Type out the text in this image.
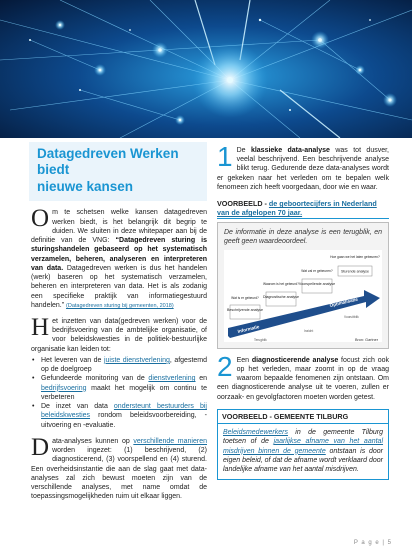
Datagedreven Werken biedt
nieuwe kansen

Om te schetsen welke kansen datagedreven werken biedt, is het belangrijk dit begrip te duiden. We sluiten in deze whitepaper aan bij de definitie van de VNG: “Datagedreven sturing is sturingshandelen gebaseerd op het systematisch verzamelen, beheren, analyseren en interpreteren van data. Datagedreven werken is dus het handelen (werk) baseren op het systematisch verzamelen, beheren en interpreteren van data. Het is als zodanig een specifieke praktijk van informatiegestuurd handelen.” (Datagedreven sturing bij gemeenten, 2018)

Het inzetten van data(gedreven werken) voor de bedrijfsvoering van de ambtelijke organisatie, of voor beleidskwesties in de politiek-bestuurlijke organisatie kan leiden tot:

• Het leveren van de juiste dienstverlening, afgestemd op de doelgroep
• Gefundeerde monitoring van de dienstverlening en bedrijfsvoering maakt het mogelijk om continu te verbeteren
• De inzet van data ondersteunt bestuurders bij beleidskwesties rondom beleidsvoorbereiding, -uitvoering en -evaluatie.

Data-analyses kunnen op verschillende manieren worden ingezet: (1) beschrijvend, (2) diagnosticerend, (3) voorspellend en (4) sturend. Een overheidsinstantie die aan de slag gaat met data-analyses zal zich bewust moeten zijn van de verschillende analyses, met name omdat de toepassingsmogelijkheden ruim uit elkaar liggen.

1 De klassieke data-analyse was tot dusver, veelal beschrijvend. Een beschrijvende analyse blikt terug. Gedurende deze data-analyses wordt er gekeken naar het verleden om te bepalen welk fenomeen zich heeft voorgedaan, door wie en waar.

VOORBEELD - de geboortecijfers in Nederland van de afgelopen 70 jaar.
De informatie in deze analyse is een terugblik, en geeft geen waardeoordeel.
Beschrijvende analyse
Wat is er gebeurd? Diagnostische analyse
Waarom is het gebeurd? Voorspellende analyse
Wat zal er gebeuren? Sturende analyse
Hoe gaan we het laten gebeuren?
Informatie
Optimalisatie
Terugblik
Inzicht
Vooruitblik
Bron: Gartner

2 Een diagnosticerende analyse focust zich ook op het verleden, maar zoomt in op de vraag waarom bepaalde fenomenen zijn ontstaan. Om een diagnosticerende analyse uit te voeren, zullen er oorzaak- en gevolgfactoren moeten worden getest.

VOORBEELD - GEMEENTE TILBURG

Beleidsmedewerkers in de gemeente Tilburg toetsen of de jaarlijkse afname van het aantal misdrijven binnen de gemeente ontstaan is door eigen beleid, of dat de afname wordt verklaard door landelijke afname van het aantal misdrijven.

P a g e | 5
